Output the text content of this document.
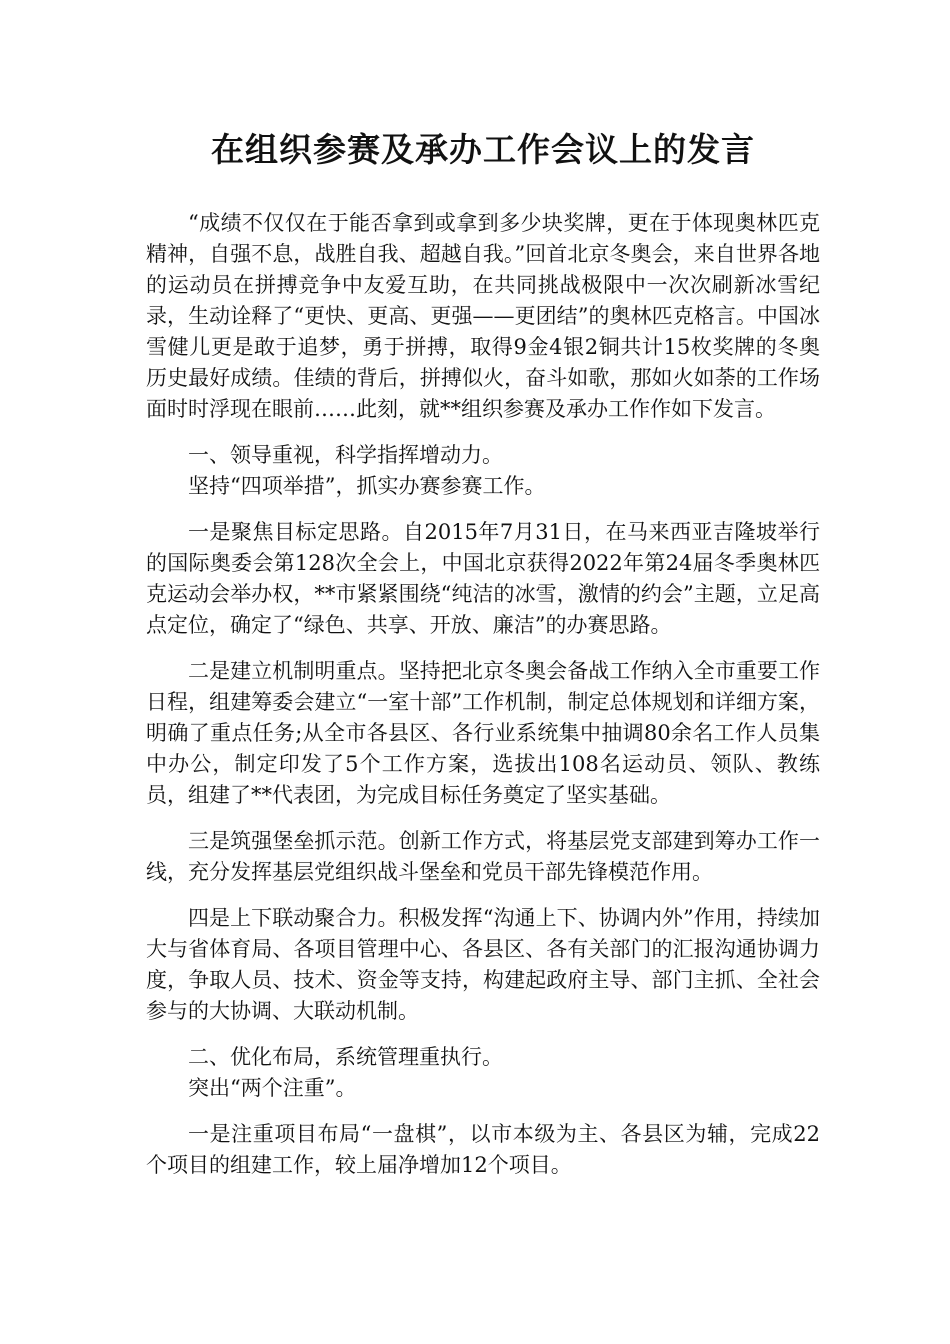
在组织参赛及承办工作会议上的发言

“成绩不仅仅在于能否拿到或拿到多少块奖牌，更在于体现奥林匹克精神，自强不息，战胜自我、超越自我。”回首北京冬奥会，来自世界各地的运动员在拼搏竞争中友爱互助，在共同挑战极限中一次次刷新冰雪纪录，生动诠释了“更快、更高、更强——更团结”的奥林匹克格言。中国冰雪健儿更是敢于追梦，勇于拼搏，取得9金4银2铜共计15枚奖牌的冬奥历史最好成绩。佳绩的背后，拼搏似火，奋斗如歌，那如火如荼的工作场面时时浮现在眼前……此刻，就**组织参赛及承办工作作如下发言。

一、领导重视，科学指挥增动力。

坚持“四项举措”，抓实办赛参赛工作。

一是聚焦目标定思路。自2015年7月31日，在马来西亚吉隆坡举行的国际奥委会第128次全会上，中国北京获得2022年第24届冬季奥林匹克运动会举办权，**市紧紧围绕“纯洁的冰雪，激情的约会”主题，立足高点定位，确定了“绿色、共享、开放、廉洁”的办赛思路。

二是建立机制明重点。坚持把北京冬奥会备战工作纳入全市重要工作日程，组建筹委会建立“一室十部”工作机制，制定总体规划和详细方案，明确了重点任务;从全市各县区、各行业系统集中抽调80余名工作人员集中办公，制定印发了5个工作方案，选拔出108名运动员、领队、教练员，组建了**代表团，为完成目标任务奠定了坚实基础。

三是筑强堡垒抓示范。创新工作方式，将基层党支部建到筹办工作一线，充分发挥基层党组织战斗堡垒和党员干部先锋模范作用。

四是上下联动聚合力。积极发挥“沟通上下、协调内外”作用，持续加大与省体育局、各项目管理中心、各县区、各有关部门的汇报沟通协调力度，争取人员、技术、资金等支持，构建起政府主导、部门主抓、全社会参与的大协调、大联动机制。

二、优化布局，系统管理重执行。

突出“两个注重”。

一是注重项目布局“一盘棋”，以市本级为主、各县区为辅，完成22个项目的组建工作，较上届净增加12个项目。
